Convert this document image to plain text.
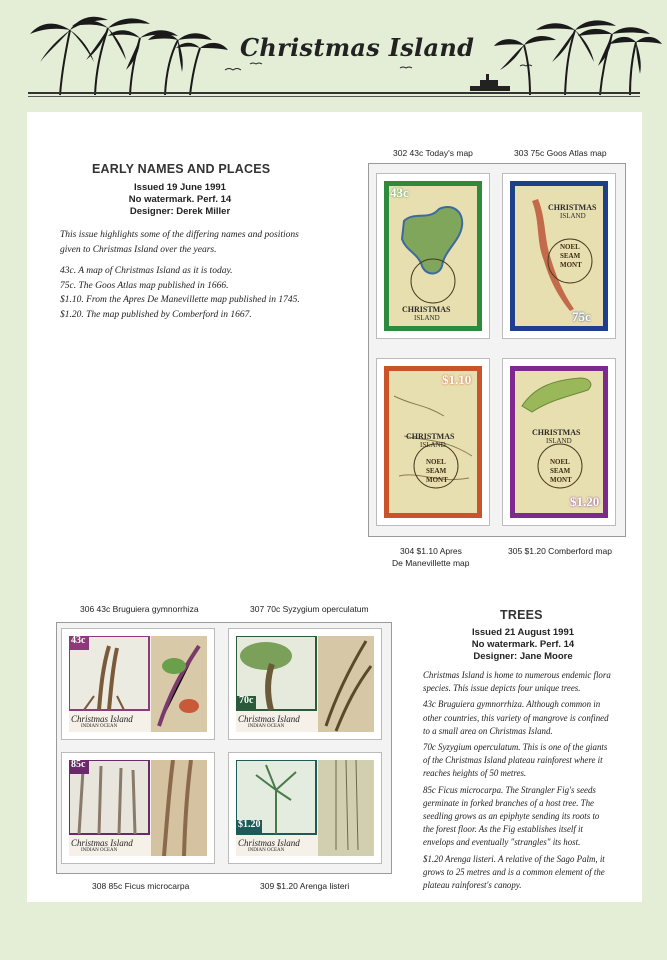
Christmas Island
EARLY NAMES AND PLACES
Issued 19 June 1991
No watermark. Perf. 14
Designer: Derek Miller
This issue highlights some of the differing names and positions
given to Christmas Island over the years.
43c. A map of Christmas Island as it is today.
75c. The Goos Atlas map published in 1666.
$1.10. From the Apres De Manevillette map published in 1745.
$1.20. The map published by Comberford in 1667.
302 43c Today's map	303 75c Goos Atlas map
43c
CHRISTMAS
ISLAND
CHRISTMAS
ISLAND
NOEL
SEAM
MONT
75c
$1.10
CHRISTMAS
ISLAND
NOEL
SEAM
MONT
CHRISTMAS
ISLAND
NOEL
SEAM
MONT
$1.20
304 $1.10 Apres
De Manevillette map
305 $1.20 Comberford map
306 43c Bruguiera gymnorrhiza	307 70c Syzygium operculatum
43c
Christmas Island
INDIAN OCEAN
70c
Christmas Island
INDIAN OCEAN
85c
Christmas Island
INDIAN OCEAN
$1.20
Christmas Island
INDIAN OCEAN
308 85c Ficus microcarpa	309 $1.20 Arenga listeri
TREES
Issued 21 August 1991
No watermark. Perf. 14
Designer: Jane Moore
Christmas Island is home to numerous endemic flora
species. This issue depicts four unique trees.
43c Bruguiera gymnorrhiza. Although common in
other countries, this variety of mangrove is confined
to a small area on Christmas Island.
70c Syzygium operculatum. This is one of the giants
of the Christmas Island plateau rainforest where it
reaches heights of 50 metres.
85c Ficus microcarpa. The Strangler Fig's seeds
germinate in forked branches of a host tree. The
seedling grows as an epiphyte sending its roots to
the forest floor. As the Fig establishes itself it
envelops and eventually "strangles" its host.
$1.20 Arenga listeri. A relative of the Sago Palm, it
grows to 25 metres and is a common element of the
plateau rainforest's canopy.
